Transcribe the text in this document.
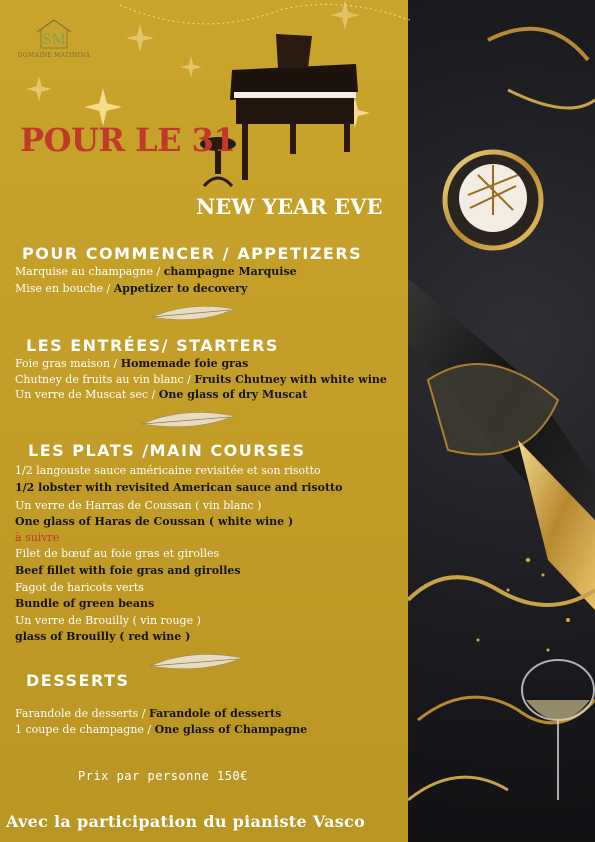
SM
DOMAINE MATININA
POUR LE 31
NEW YEAR EVE
POUR COMMENCER / APPETIZERS

Marquise au champagne / champagne Marquise

Mise en bouche / Appetizer to decovery

LES ENTRÉES/ STARTERS

Foie gras maison / Homemade foie gras

Chutney de fruits au vin blanc / Fruits Chutney with white wine

Un verre de Muscat sec / One glass of dry Muscat

LES PLATS /MAIN COURSES

1/2 langouste sauce américaine revisitée et son risotto

1/2 lobster with revisited American sauce and risotto

Un verre de Harras de Coussan ( vin blanc )

One glass of Haras de Coussan ( white wine )

à suivre

Filet de bœuf au foie gras et girolles

Beef fillet with foie gras and girolles

Fagot de haricots verts

Bundle of green beans

Un verre de Brouilly ( vin rouge )

glass of Brouilly ( red wine )

DESSERTS

Farandole de desserts / Farandole of desserts

1 coupe de champagne / One glass of Champagne

Prix par personne 150€
Avec la participation du pianiste Vasco
